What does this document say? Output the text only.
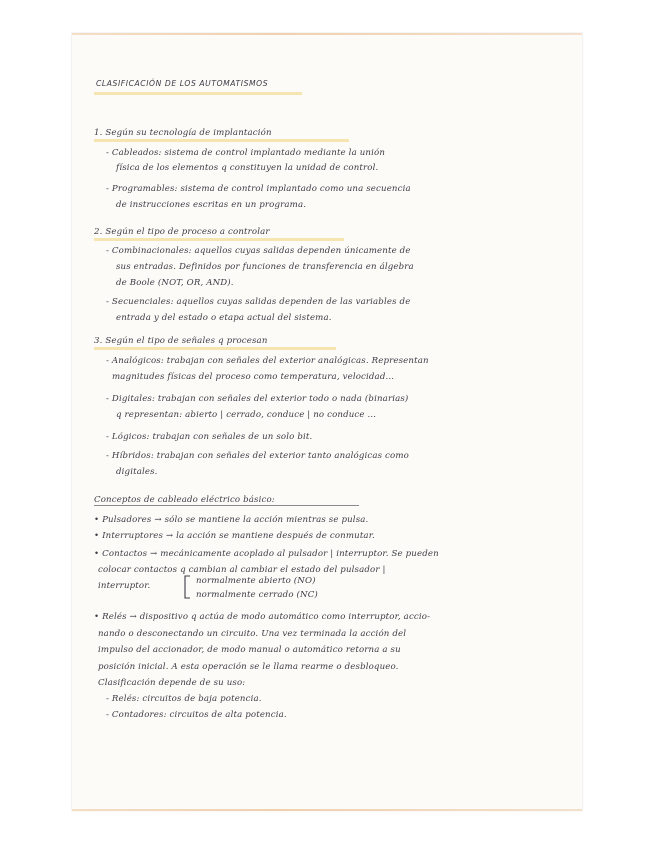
CLASIFICACIÓN DE LOS AUTOMATISMOS

1. Según su tecnología de implantación

- Cableados: sistema de control implantado mediante la unión

física de los elementos q constituyen la unidad de control.

- Programables: sistema de control implantado como una secuencia

de instrucciones escritas en un programa.

2. Según el tipo de proceso a controlar

- Combinacionales: aquellos cuyas salidas dependen únicamente de

sus entradas. Definidos por funciones de transferencia en álgebra

de Boole (NOT, OR, AND).

- Secuenciales: aquellos cuyas salidas dependen de las variables de

entrada y del estado o etapa actual del sistema.

3. Según el tipo de señales q procesan

- Analógicos: trabajan con señales del exterior analógicas. Representan

magnitudes físicas del proceso como temperatura, velocidad...

- Digitales: trabajan con señales del exterior todo o nada (binarias)

q representan: abierto | cerrado, conduce | no conduce ...

- Lógicos: trabajan con señales de un solo bit.

- Híbridos: trabajan con señales del exterior tanto analógicas como

digitales.

Conceptos de cableado eléctrico básico:

• Pulsadores → sólo se mantiene la acción mientras se pulsa.

• Interruptores → la acción se mantiene después de conmutar.

• Contactos → mecánicamente acoplado al pulsador | interruptor. Se pueden

colocar contactos q cambian al cambiar el estado del pulsador |

interruptor.	normalmente abierto (NO)

normalmente cerrado (NC)

• Relés → dispositivo q actúa de modo automático como interruptor, accio-

nando o desconectando un circuito. Una vez terminada la acción del

impulso del accionador, de modo manual o automático retorna a su

posición inicial. A esta operación se le llama rearme o desbloqueo.

Clasificación depende de su uso:

- Relés: circuitos de baja potencia.

- Contadores: circuitos de alta potencia.
